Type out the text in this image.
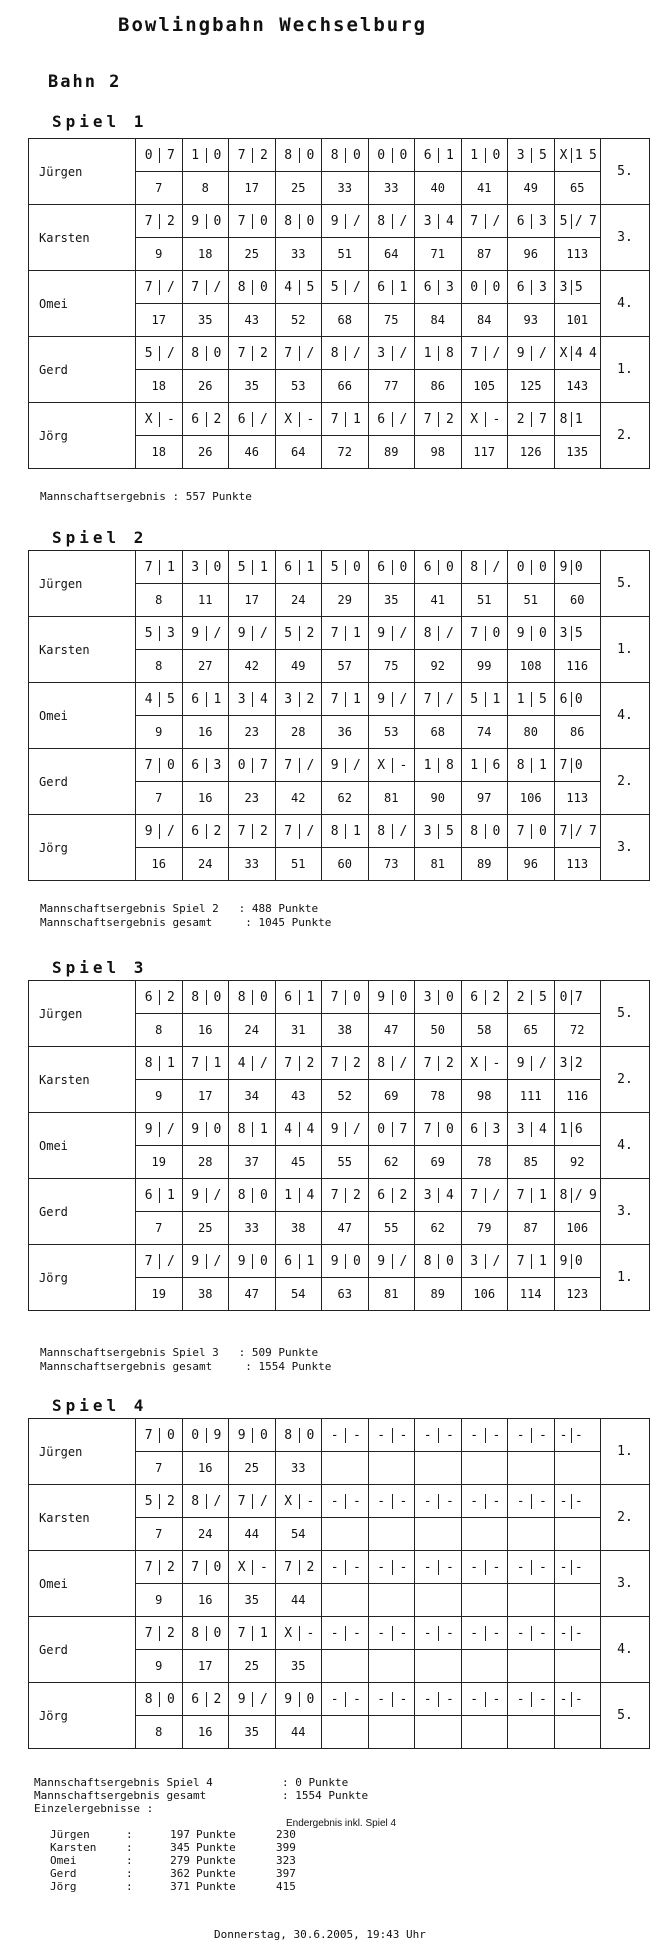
Bowlingbahn Wechselburg
Bahn 2
Spiel 1
Jürgen	0 7	1 0	7 2	8 0	8 0	0 0	6 1	1 0	3 5	X 1 5	5.
	7	8	17	25	33	33	40	41	49	65	
Karsten	7 2	9 0	7 0	8 0	9 /	8 /	3 4	7 /	6 3	5 / 7	3.
	9	18	25	33	51	64	71	87	96	113	
Omei	7 /	7 /	8 0	4 5	5 /	6 1	6 3	0 0	6 3	3 5	4.
	17	35	43	52	68	75	84	84	93	101	
Gerd	5 /	8 0	7 2	7 /	8 /	3 /	1 8	7 /	9 /	X 4 4	1.
	18	26	35	53	66	77	86	105	125	143	
Jörg	X -	6 2	6 /	X -	7 1	6 /	7 2	X -	2 7	8 1	2.
	18	26	46	64	72	89	98	117	126	135	
Mannschaftsergebnis : 557 Punkte
Spiel 2
Jürgen	7 1	3 0	5 1	6 1	5 0	6 0	6 0	8 /	0 0	9 0	5.
	8	11	17	24	29	35	41	51	51	60	
Karsten	5 3	9 /	9 /	5 2	7 1	9 /	8 /	7 0	9 0	3 5	1.
	8	27	42	49	57	75	92	99	108	116	
Omei	4 5	6 1	3 4	3 2	7 1	9 /	7 /	5 1	1 5	6 0	4.
	9	16	23	28	36	53	68	74	80	86	
Gerd	7 0	6 3	0 7	7 /	9 /	X -	1 8	1 6	8 1	7 0	2.
	7	16	23	42	62	81	90	97	106	113	
Jörg	9 /	6 2	7 2	7 /	8 1	8 /	3 5	8 0	7 0	7 / 7	3.
	16	24	33	51	60	73	81	89	96	113	
Mannschaftsergebnis Spiel 2   : 488 Punkte
Mannschaftsergebnis gesamt     : 1045 Punkte
Spiel 3
Jürgen	6 2	8 0	8 0	6 1	7 0	9 0	3 0	6 2	2 5	0 7	5.
	8	16	24	31	38	47	50	58	65	72	
Karsten	8 1	7 1	4 /	7 2	7 2	8 /	7 2	X -	9 /	3 2	2.
	9	17	34	43	52	69	78	98	111	116	
Omei	9 /	9 0	8 1	4 4	9 /	0 7	7 0	6 3	3 4	1 6	4.
	19	28	37	45	55	62	69	78	85	92	
Gerd	6 1	9 /	8 0	1 4	7 2	6 2	3 4	7 /	7 1	8 / 9	3.
	7	25	33	38	47	55	62	79	87	106	
Jörg	7 /	9 /	9 0	6 1	9 0	9 /	8 0	3 /	7 1	9 0	1.
	19	38	47	54	63	81	89	106	114	123	
Mannschaftsergebnis Spiel 3   : 509 Punkte
Mannschaftsergebnis gesamt     : 1554 Punkte
Spiel 4
Jürgen	7 0	0 9	9 0	8 0	- -	- -	- -	- -	- -	- -	1.
	7	16	25	33							
Karsten	5 2	8 /	7 /	X -	- -	- -	- -	- -	- -	- -	2.
	7	24	44	54							
Omei	7 2	7 0	X -	7 2	- -	- -	- -	- -	- -	- -	3.
	9	16	35	44							
Gerd	7 2	8 0	7 1	X -	- -	- -	- -	- -	- -	- -	4.
	9	17	25	35							
Jörg	8 0	6 2	9 /	9 0	- -	- -	- -	- -	- -	- -	5.
	8	16	35	44							
Mannschaftsergebnis Spiel 4	: 0 Punkte
Mannschaftsergebnis gesamt	: 1554 Punkte
Einzelergebnisse :
Endergebnis inkl. Spiel 4
Jürgen	:	197 Punkte	230
Karsten	:	345 Punkte	399
Omei	:	279 Punkte	323
Gerd	:	362 Punkte	397
Jörg	:	371 Punkte	415
Donnerstag, 30.6.2005, 19:43 Uhr
